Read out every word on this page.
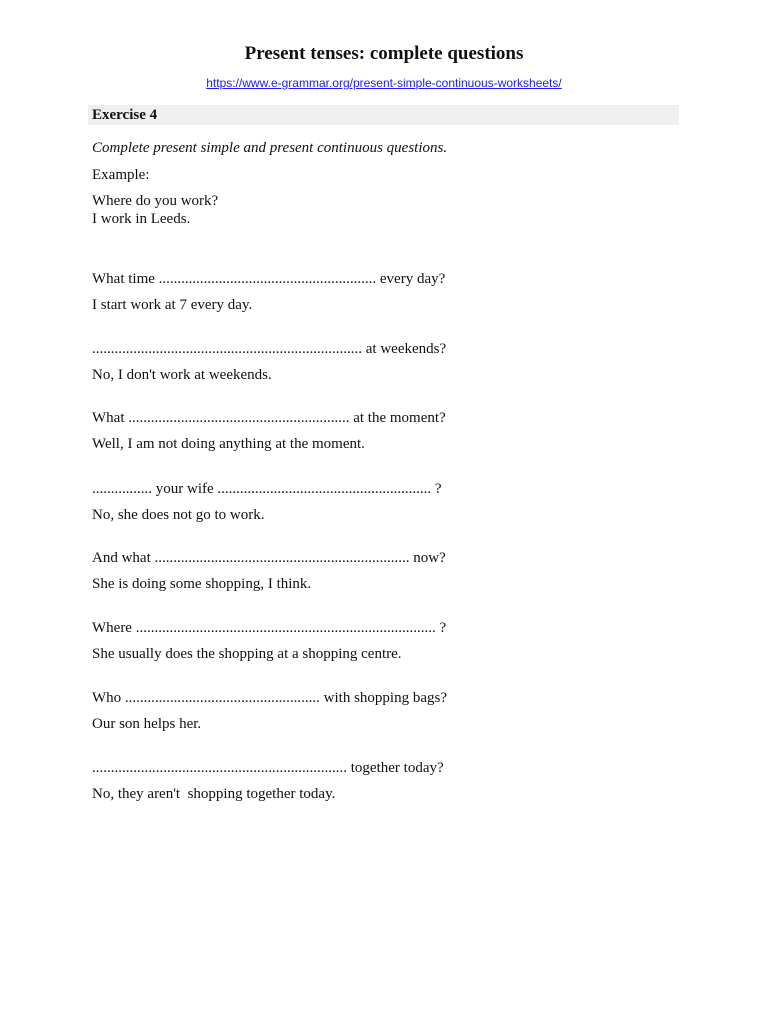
Present tenses: complete questions
https://www.e-grammar.org/present-simple-continuous-worksheets/
Exercise 4
Complete present simple and present continuous questions.
Example:
Where do you work?
I work in Leeds.
What time .......................................................... every day?
I start work at 7 every day.
........................................................................ at weekends?
No, I don't work at weekends.
What ........................................................... at the moment?
Well, I am not doing anything at the moment.
................ your wife ......................................................... ?
No, she does not go to work.
And what .................................................................... now?
She is doing some shopping, I think.
Where ................................................................................ ?
She usually does the shopping at a shopping centre.
Who .................................................... with shopping bags?
Our son helps her.
.................................................................... together today?
No, they aren't  shopping together today.
